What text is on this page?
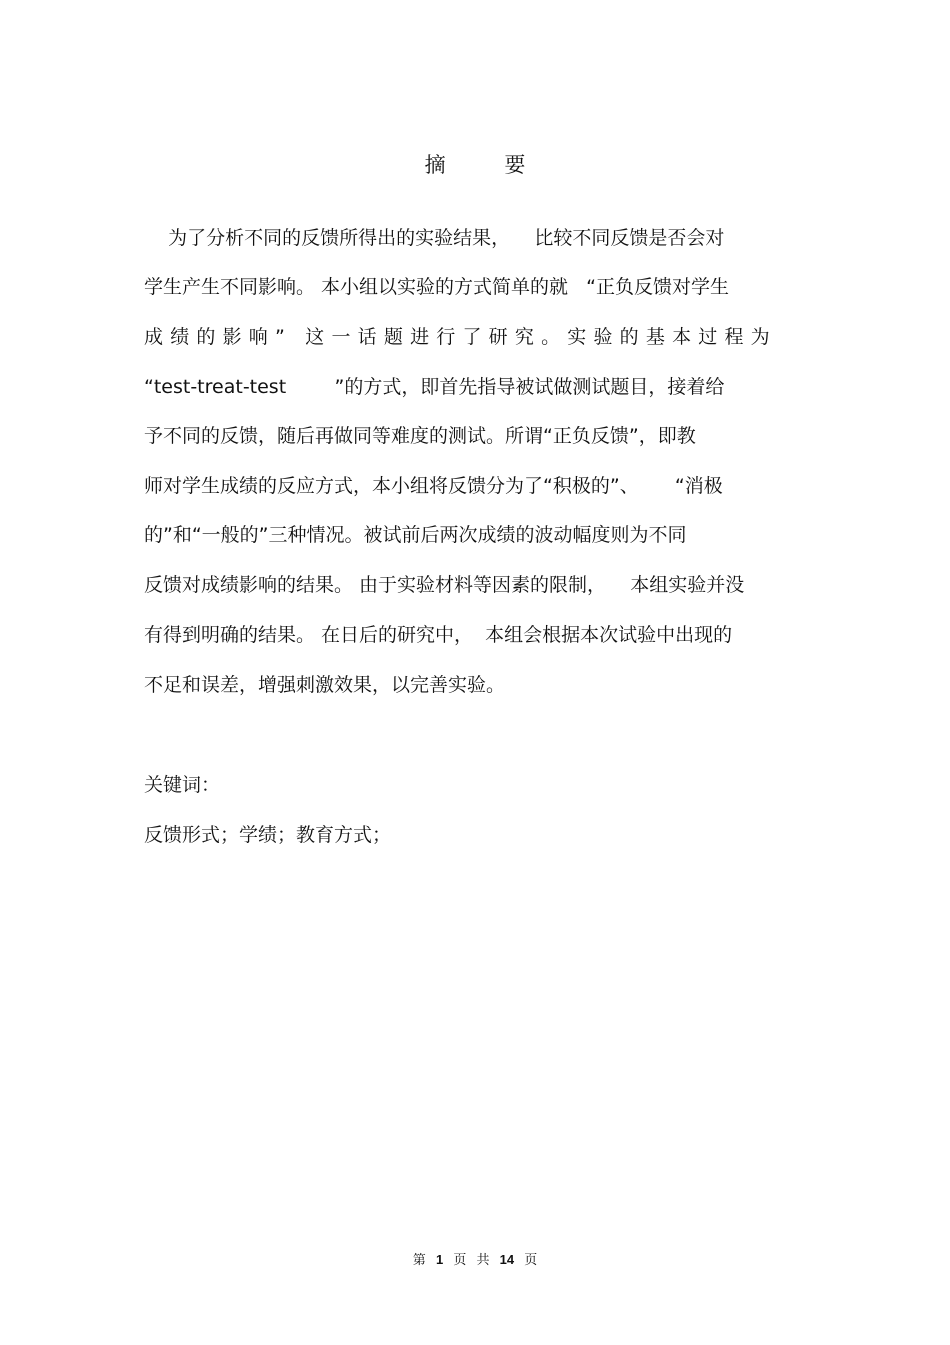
摘 要
为了分析不同的反馈所得出的实验结果，    比较不同反馈是否会对
学生产生不同影响。 本小组以实验的方式简单的就   “正负反馈对学生
成绩的影响” 这一话题进行了研究。实验的基本过程为
“test-treat-test        ”的方式，即首先指导被试做测试题目，接着给
予不同的反馈，随后再做同等难度的测试。所谓“正负反馈”，即教
师对学生成绩的反应方式，本小组将反馈分为了“积极的”、      “消极
的”和“一般的”三种情况。被试前后两次成绩的波动幅度则为不同
反馈对成绩影响的结果。 由于实验材料等因素的限制，    本组实验并没
有得到明确的结果。 在日后的研究中，  本组会根据本次试验中出现的
不足和误差，增强刺激效果，以完善实验。
关键词：
反馈形式；学绩；教育方式；
第 1 页 共 14 页
